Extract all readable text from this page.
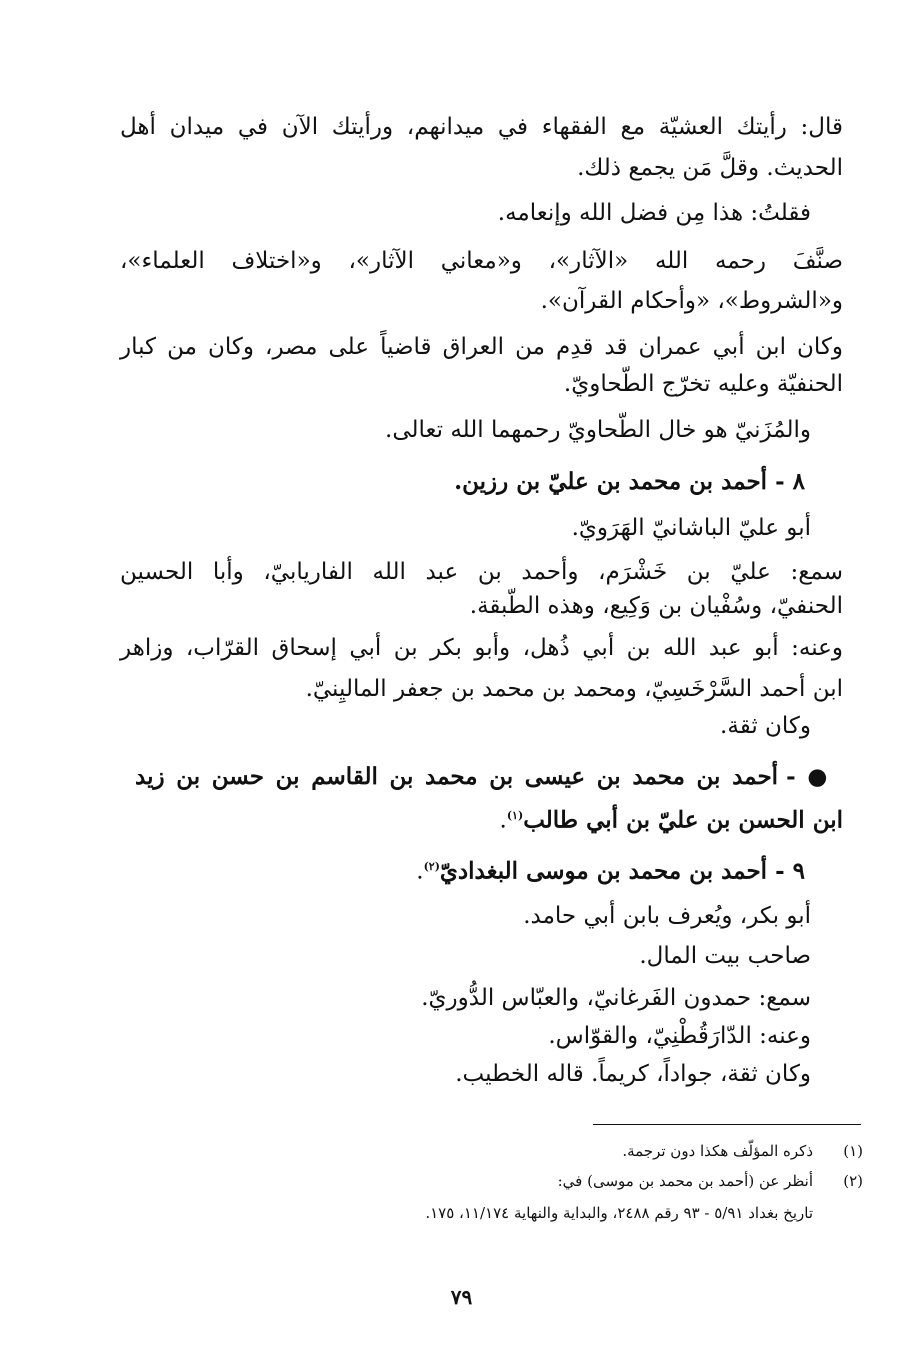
قال: رأيتك العشيّة مع الفقهاء في ميدانهم، ورأيتك الآن في ميدان أهل
الحديث. وقلَّ مَن يجمع ذلك.
فقلتُ: هذا مِن فضل الله وإنعامه.
صنَّفَ رحمه الله «الآثار»، و«معاني الآثار»، و«اختلاف العلماء»،
و«الشروط»، «وأحكام القرآن».
وكان ابن أبي عمران قد قدِم من العراق قاضياً على مصر، وكان من كبار
الحنفيّة وعليه تخرّج الطّحاويّ.
والمُزَنيّ هو خال الطّحاويّ رحمهما الله تعالى.
٨ - أحمد بن محمد بن عليّ بن رزين.
أبو عليّ الباشانيّ الهَرَويّ.
سمع: عليّ بن خَشْرَم، وأحمد بن عبد الله الفاريابيّ، وأبا الحسين
الحنفيّ، وسُفْيان بن وَكِيع، وهذه الطّبقة.
وعنه: أبو عبد الله بن أبي ذُهل، وأبو بكر بن أبي إسحاق القرّاب، وزاهر
ابن أحمد السَّرْخَسِيّ، ومحمد بن محمد بن جعفر الماليِنيّ.
وكان ثقة.
● - أحمد بن محمد بن عيسى بن محمد بن القاسم بن حسن بن زيد
ابن الحسن بن عليّ بن أبي طالب$^{(١)}$.
٩ - أحمد بن محمد بن موسى البغداديّ$^{(٢)}$.
أبو بكر، ويُعرف بابن أبي حامد.
صاحب بيت المال.
سمع: حمدون الفَرغانيّ، والعبّاس الدُّوريّ.
وعنه: الدّارَقُطْنِيّ، والقوّاس.
وكان ثقة، جواداً، كريماً. قاله الخطيب.
(١)
ذكره المؤلّف هكذا دون ترجمة.
(٢)
أنظر عن (أحمد بن محمد بن موسى) في:
تاريخ بغداد ٥/٩١ - ٩٣ رقم ٢٤٨٨، والبداية والنهاية ١١/١٧٤، ١٧٥.
٧٩
